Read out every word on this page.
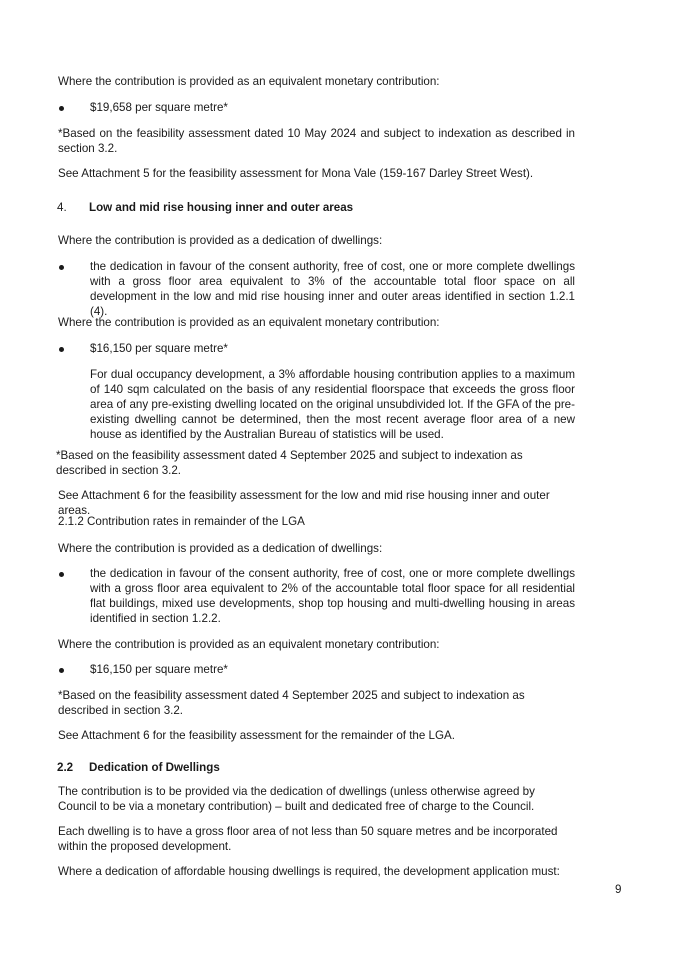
Where the contribution is provided as an equivalent monetary contribution:

$19,658 per square metre*

*Based on the feasibility assessment dated 10 May 2024 and subject to indexation as described in section 3.2.

See Attachment 5 for the feasibility assessment for Mona Vale (159-167 Darley Street West).

4. Low and mid rise housing inner and outer areas

Where the contribution is provided as a dedication of dwellings:

the dedication in favour of the consent authority, free of cost, one or more complete dwellings with a gross floor area equivalent to 3% of the accountable total floor space on all development in the low and mid rise housing inner and outer areas identified in section 1.2.1 (4).

Where the contribution is provided as an equivalent monetary contribution:

$16,150 per square metre*

For dual occupancy development, a 3% affordable housing contribution applies to a maximum of 140 sqm calculated on the basis of any residential floorspace that exceeds the gross floor area of any pre-existing dwelling located on the original unsubdivided lot. If the GFA of the pre-existing dwelling cannot be determined, then the most recent average floor area of a new house as identified by the Australian Bureau of statistics will be used.

*Based on the feasibility assessment dated 4 September 2025 and subject to indexation as described in section 3.2.

See Attachment 6 for the feasibility assessment for the low and mid rise housing inner and outer areas.

2.1.2 Contribution rates in remainder of the LGA

Where the contribution is provided as a dedication of dwellings:

the dedication in favour of the consent authority, free of cost, one or more complete dwellings with a gross floor area equivalent to 2% of the accountable total floor space for all residential flat buildings, mixed use developments, shop top housing and multi-dwelling housing in areas identified in section 1.2.2.

Where the contribution is provided as an equivalent monetary contribution:

$16,150 per square metre*

*Based on the feasibility assessment dated 4 September 2025 and subject to indexation as described in section 3.2.

See Attachment 6 for the feasibility assessment for the remainder of the LGA.

2.2 Dedication of Dwellings

The contribution is to be provided via the dedication of dwellings (unless otherwise agreed by Council to be via a monetary contribution) – built and dedicated free of charge to the Council.

Each dwelling is to have a gross floor area of not less than 50 square metres and be incorporated within the proposed development.

Where a dedication of affordable housing dwellings is required, the development application must:

9
